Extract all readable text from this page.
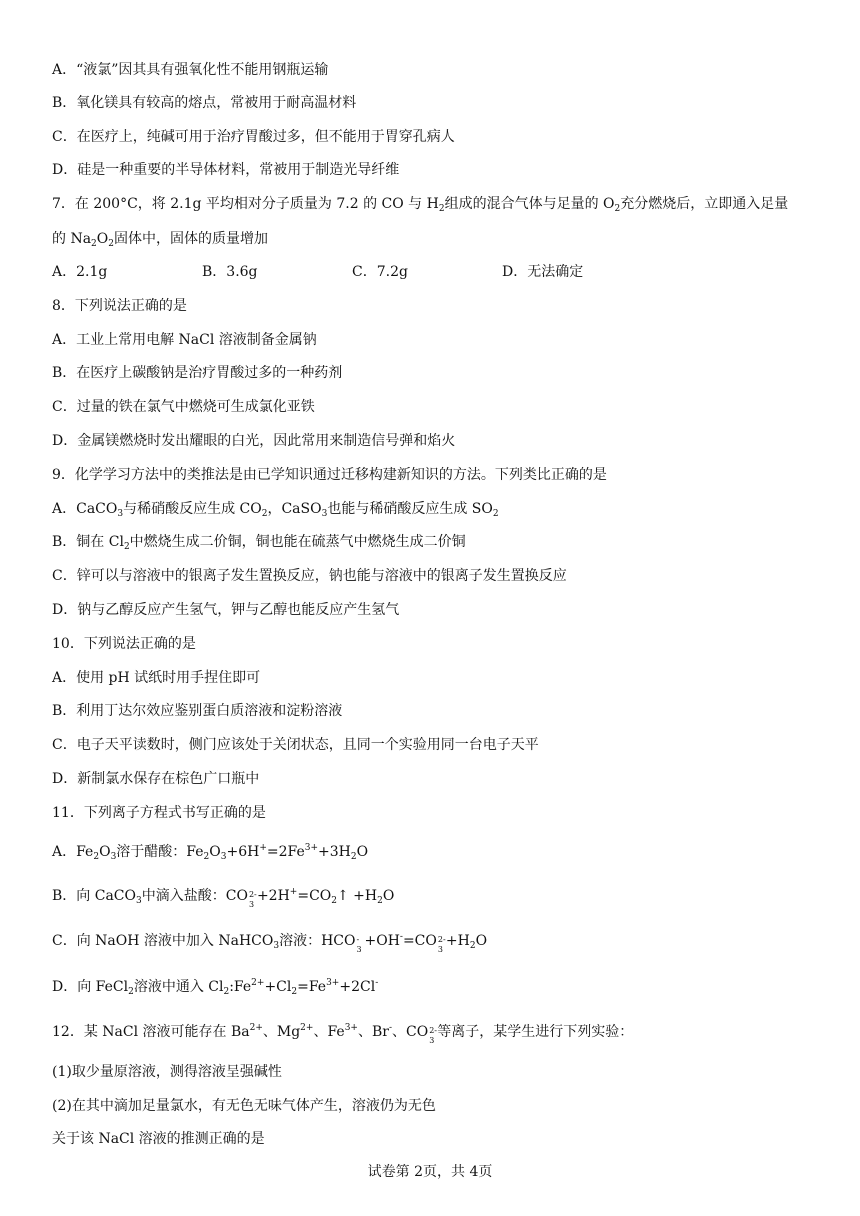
A．“液氯”因其具有强氧化性不能用钢瓶运输
B．氧化镁具有较高的熔点，常被用于耐高温材料
C．在医疗上，纯碱可用于治疗胃酸过多，但不能用于胃穿孔病人
D．硅是一种重要的半导体材料，常被用于制造光导纤维
7．在 200°C，将 2.1g 平均相对分子质量为 7.2 的 CO 与 $H_2$组成的混合气体与足量的 $O_2$充分燃烧后，立即通入足量
的 $Na_2O_2$固体中，固体的质量增加
A．2.1g	B．3.6g	C．7.2g	D．无法确定
8．下列说法正确的是
A．工业上常用电解 NaCl 溶液制备金属钠
B．在医疗上碳酸钠是治疗胃酸过多的一种药剂
C．过量的铁在氯气中燃烧可生成氯化亚铁
D．金属镁燃烧时发出耀眼的白光，因此常用来制造信号弹和焰火
9．化学学习方法中的类推法是由已学知识通过迁移构建新知识的方法。下列类比正确的是
A．CaCO$_3$与稀硝酸反应生成 $CO_2$，CaSO$_3$也能与稀硝酸反应生成 $SO_2$
B．铜在 $Cl_2$中燃烧生成二价铜，铜也能在硫蒸气中燃烧生成二价铜
C．锌可以与溶液中的银离子发生置换反应，钠也能与溶液中的银离子发生置换反应
D．钠与乙醇反应产生氢气，钾与乙醇也能反应产生氢气
10．下列说法正确的是
A．使用 pH 试纸时用手捏住即可
B．利用丁达尔效应鉴别蛋白质溶液和淀粉溶液
C．电子天平读数时，侧门应该处于关闭状态，且同一个实验用同一台电子天平
D．新制氯水保存在棕色广口瓶中
11．下列离子方程式书写正确的是
A．$Fe_2O_3$溶于醋酸：$Fe_2O_3+6H^+=2Fe^{3+}+3H_2O$
B．向 CaCO$_3$中滴入盐酸：CO 2-
3
$+2H^+=CO_2↑ +H_2O$
C．向 NaOH 溶液中加入 NaHCO$_3$溶液：HCO -
3
+OH-=CO 2-
3
$+H_2O$
D．向 FeCl$_2$溶液中通入 $Cl_2:Fe^{2+}+Cl_2=Fe^{3+}+2Cl^-$
12．某 NaCl 溶液可能存在 $Ba^{2+}$、$Mg^{2+}$、$Fe^{3+}$、Br-、CO 2-
3
等离子，某学生进行下列实验：
(1)取少量原溶液，测得溶液呈强碱性
(2)在其中滴加足量氯水，有无色无味气体产生，溶液仍为无色
关于该 NaCl 溶液的推测正确的是
试卷第 2页，共 4页
